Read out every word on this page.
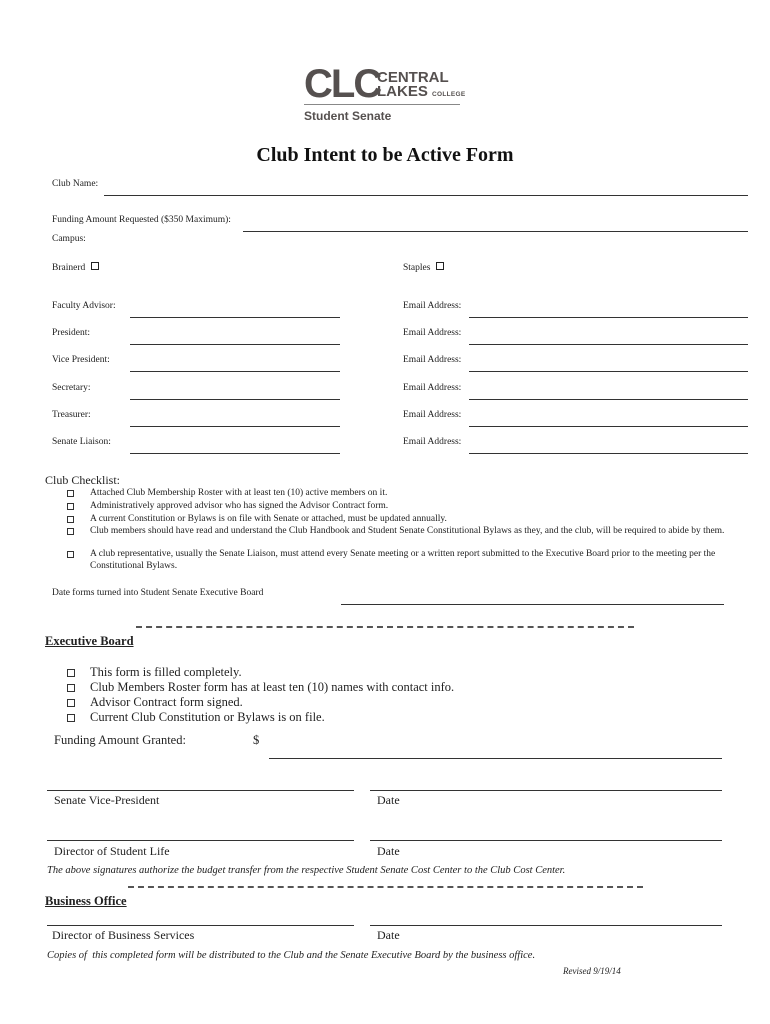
CLC
CENTRAL
LAKES COLLEGE
Student Senate
Club Intent to be Active Form
Club Name:
Funding Amount Requested ($350 Maximum):
Campus:
Brainerd	Staples
Faculty Advisor:	Email Address:
President:	Email Address:
Vice President:	Email Address:
Secretary:	Email Address:
Treasurer:	Email Address:
Senate Liaison:	Email Address:
Club Checklist:
Attached Club Membership Roster with at least ten (10) active members on it.
Administratively approved advisor who has signed the Advisor Contract form.
A current Constitution or Bylaws is on file with Senate or attached, must be updated annually.
Club members should have read and understand the Club Handbook and Student Senate Constitutional Bylaws as they, and the club, will be required to abide by them.
A club representative, usually the Senate Liaison, must attend every Senate meeting or a written report submitted to the Executive Board prior to the meeting per the Constitutional Bylaws.
Date forms turned into Student Senate Executive Board
Executive Board
This form is filled completely.
Club Members Roster form has at least ten (10) names with contact info.
Advisor Contract form signed.
Current Club Constitution or Bylaws is on file.
Funding Amount Granted:	$
Senate Vice-President	Date
Director of Student Life	Date
The above signatures authorize the budget transfer from the respective Student Senate Cost Center to the Club Cost Center.
Business Office
Director of Business Services	Date
Copies of  this completed form will be distributed to the Club and the Senate Executive Board by the business office.
Revised 9/19/14
